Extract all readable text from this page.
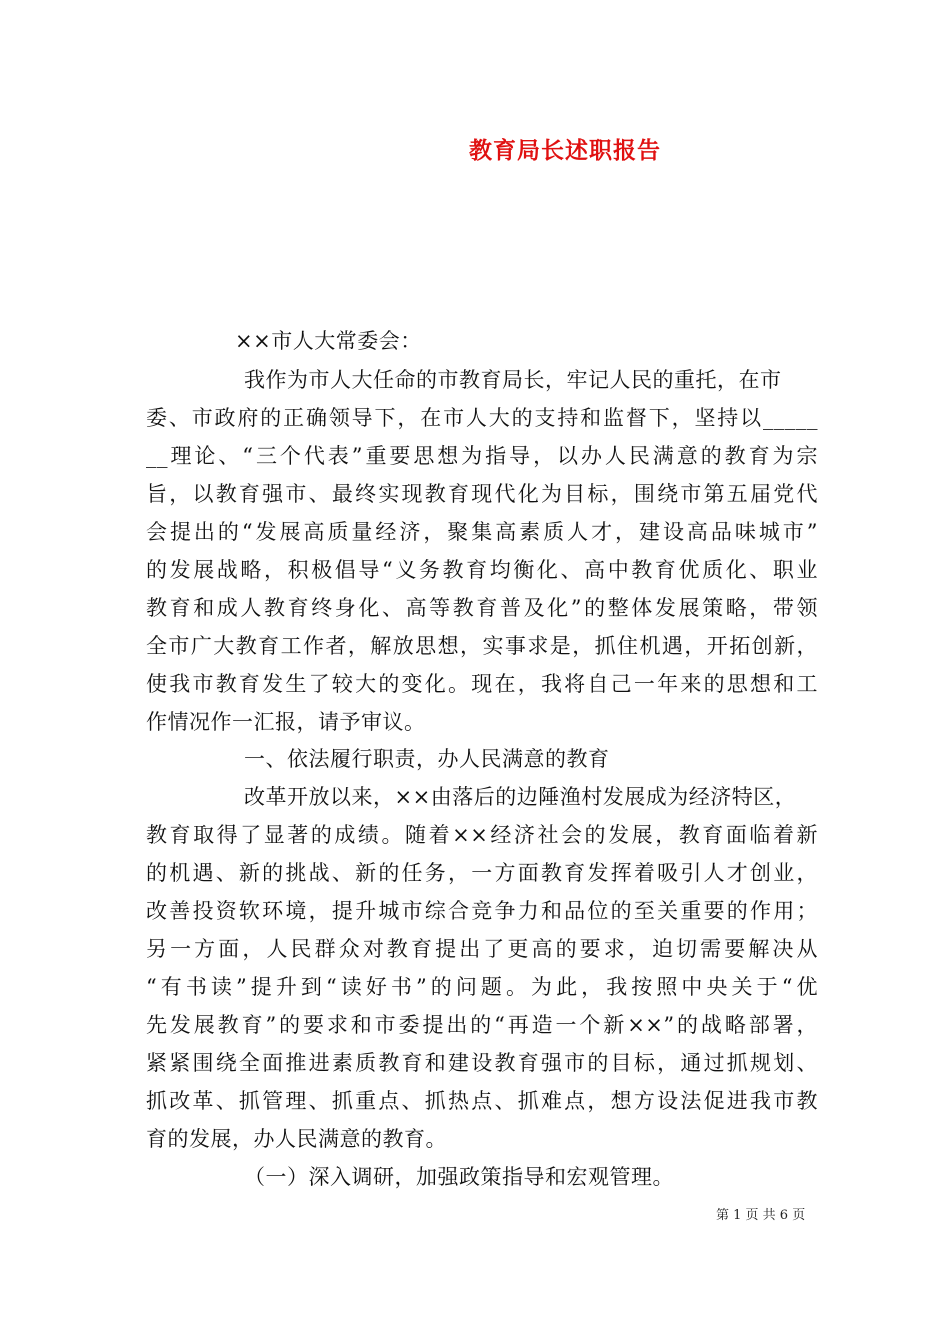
教育局长述职报告
××市人大常委会：
我作为市人大任命的市教育局长，牢记人民的重托，在市
委、市政府的正确领导下，在市人大的支持和监督下，坚持以_____
__理论、“三个代表”重要思想为指导，以办人民满意的教育为宗
旨，以教育强市、最终实现教育现代化为目标，围绕市第五届党代
会提出的“发展高质量经济，聚集高素质人才，建设高品味城市”
的发展战略，积极倡导“义务教育均衡化、高中教育优质化、职业
教育和成人教育终身化、高等教育普及化”的整体发展策略，带领
全市广大教育工作者，解放思想，实事求是，抓住机遇，开拓创新，
使我市教育发生了较大的变化。现在，我将自己一年来的思想和工
作情况作一汇报，请予审议。
一、依法履行职责，办人民满意的教育
改革开放以来，××由落后的边陲渔村发展成为经济特区，
教育取得了显著的成绩。随着××经济社会的发展，教育面临着新
的机遇、新的挑战、新的任务，一方面教育发挥着吸引人才创业，
改善投资软环境，提升城市综合竞争力和品位的至关重要的作用；
另一方面，人民群众对教育提出了更高的要求，迫切需要解决从
“有书读”提升到“读好书”的问题。为此，我按照中央关于“优
先发展教育”的要求和市委提出的“再造一个新××”的战略部署，
紧紧围绕全面推进素质教育和建设教育强市的目标，通过抓规划、
抓改革、抓管理、抓重点、抓热点、抓难点，想方设法促进我市教
育的发展，办人民满意的教育。
（一）深入调研，加强政策指导和宏观管理。
第 1 页 共 6 页
